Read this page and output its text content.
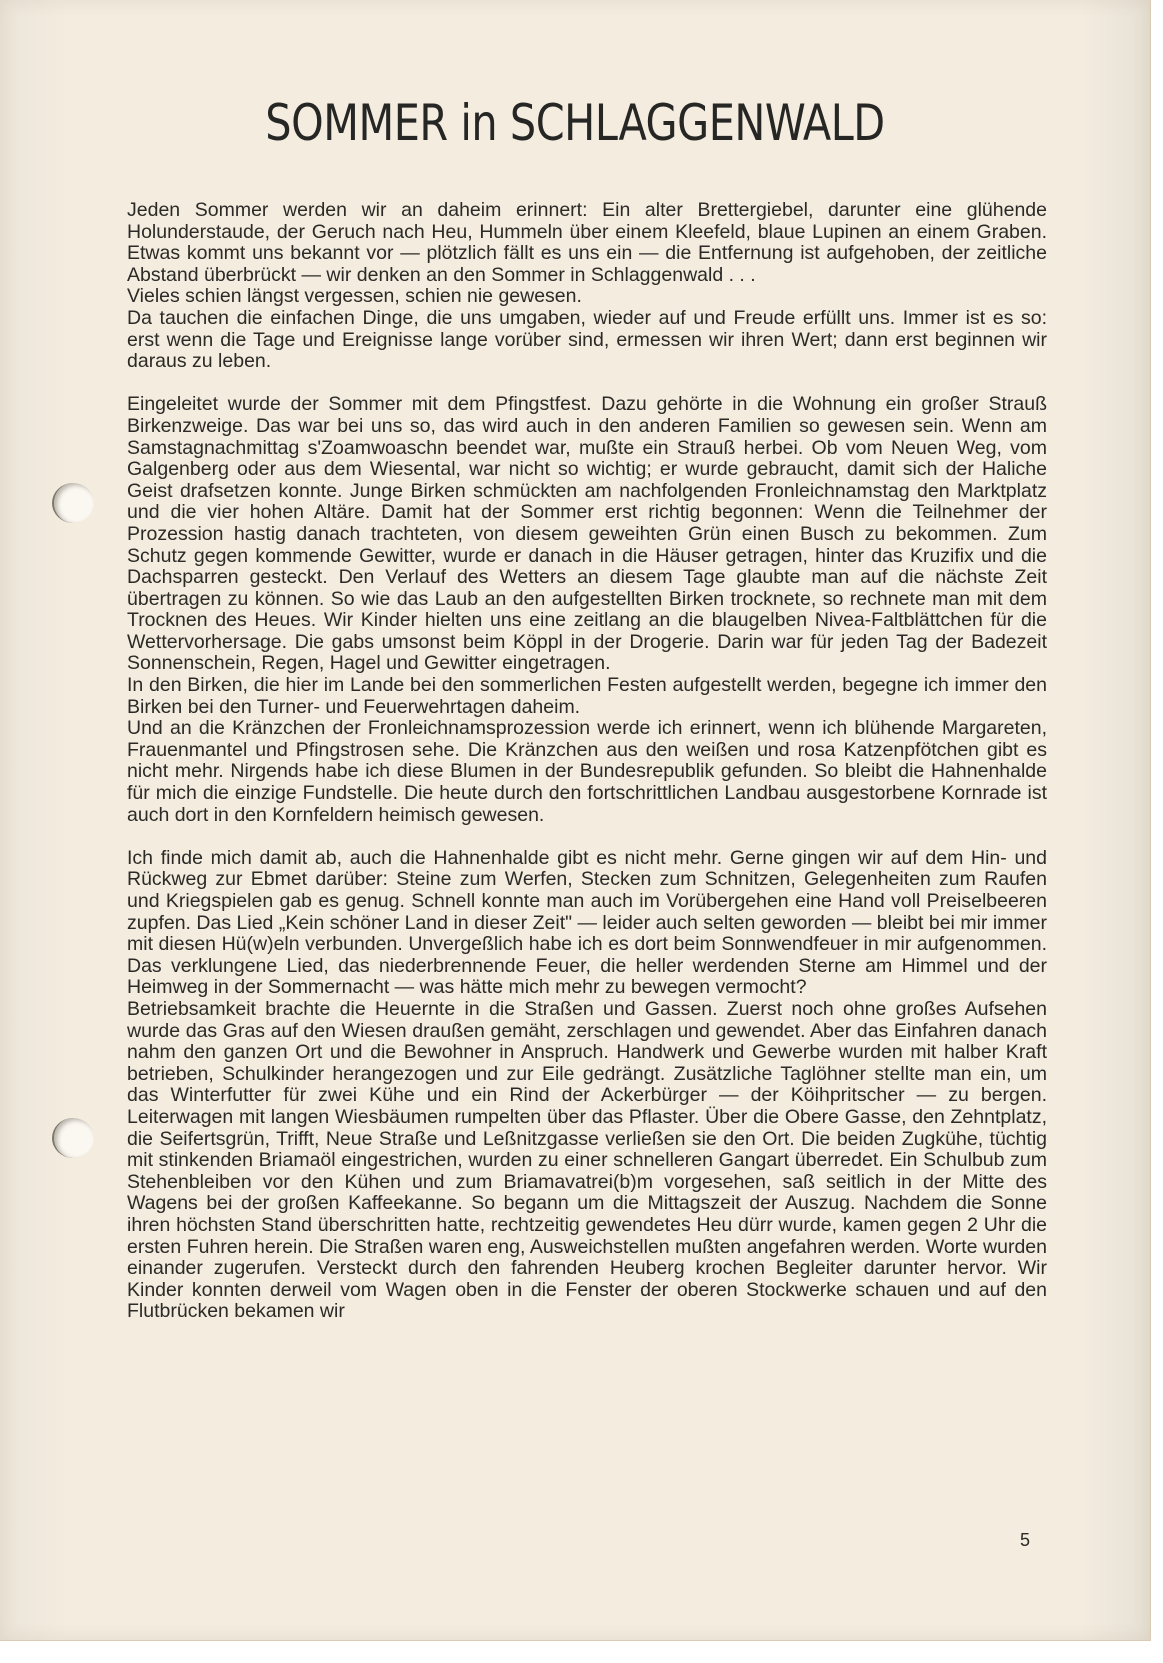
SOMMER in SCHLAGGENWALD

Jeden Sommer werden wir an daheim erinnert: Ein alter Brettergiebel, darunter eine glühende Holunderstaude, der Geruch nach Heu, Hummeln über einem Kleefeld, blaue Lupinen an einem Graben. Etwas kommt uns bekannt vor — plötzlich fällt es uns ein — die Entfernung ist aufgehoben, der zeitliche Abstand überbrückt — wir denken an den Sommer in Schlaggenwald . . .

Vieles schien längst vergessen, schien nie gewesen.

Da tauchen die einfachen Dinge, die uns umgaben, wieder auf und Freude erfüllt uns. Immer ist es so: erst wenn die Tage und Ereignisse lange vorüber sind, ermessen wir ihren Wert; dann erst beginnen wir daraus zu leben.

Eingeleitet wurde der Sommer mit dem Pfingstfest. Dazu gehörte in die Wohnung ein großer Strauß Birkenzweige. Das war bei uns so, das wird auch in den anderen Familien so gewesen sein. Wenn am Samstagnachmittag s'Zoamwoaschn beendet war, mußte ein Strauß herbei. Ob vom Neuen Weg, vom Galgenberg oder aus dem Wiesental, war nicht so wichtig; er wurde gebraucht, damit sich der Haliche Geist drafsetzen konnte. Junge Birken schmückten am nachfolgenden Fronleichnamstag den Marktplatz und die vier hohen Altäre. Damit hat der Sommer erst richtig begonnen: Wenn die Teilnehmer der Prozession hastig danach trachteten, von diesem geweihten Grün einen Busch zu bekommen. Zum Schutz gegen kommende Gewitter, wurde er danach in die Häuser getragen, hinter das Kruzifix und die Dachsparren gesteckt. Den Verlauf des Wetters an diesem Tage glaubte man auf die nächste Zeit übertragen zu können. So wie das Laub an den aufgestellten Birken trocknete, so rechnete man mit dem Trocknen des Heues. Wir Kinder hielten uns eine zeitlang an die blaugelben Nivea-Faltblättchen für die Wettervorhersage. Die gabs umsonst beim Köppl in der Drogerie. Darin war für jeden Tag der Badezeit Sonnenschein, Regen, Hagel und Gewitter eingetragen.

In den Birken, die hier im Lande bei den sommerlichen Festen aufgestellt werden, begegne ich immer den Birken bei den Turner- und Feuerwehrtagen daheim.

Und an die Kränzchen der Fronleichnamsprozession werde ich erinnert, wenn ich blühende Margareten, Frauenmantel und Pfingstrosen sehe. Die Kränzchen aus den weißen und rosa Katzenpfötchen gibt es nicht mehr. Nirgends habe ich diese Blumen in der Bundesrepublik gefunden. So bleibt die Hahnenhalde für mich die einzige Fundstelle. Die heute durch den fortschrittlichen Landbau ausgestorbene Kornrade ist auch dort in den Kornfeldern heimisch gewesen.

Ich finde mich damit ab, auch die Hahnenhalde gibt es nicht mehr. Gerne gingen wir auf dem Hin- und Rückweg zur Ebmet darüber: Steine zum Werfen, Stecken zum Schnitzen, Gelegenheiten zum Raufen und Kriegspielen gab es genug. Schnell konnte man auch im Vorübergehen eine Hand voll Preiselbeeren zupfen. Das Lied „Kein schöner Land in dieser Zeit" — leider auch selten geworden — bleibt bei mir immer mit diesen Hü(w)eln verbunden. Unvergeßlich habe ich es dort beim Sonnwendfeuer in mir aufgenommen. Das verklungene Lied, das niederbrennende Feuer, die heller werdenden Sterne am Himmel und der Heimweg in der Sommernacht — was hätte mich mehr zu bewegen vermocht?

Betriebsamkeit brachte die Heuernte in die Straßen und Gassen. Zuerst noch ohne großes Aufsehen wurde das Gras auf den Wiesen draußen gemäht, zerschlagen und gewendet. Aber das Einfahren danach nahm den ganzen Ort und die Bewohner in Anspruch. Handwerk und Gewerbe wurden mit halber Kraft betrieben, Schulkinder herangezogen und zur Eile gedrängt. Zusätzliche Taglöhner stellte man ein, um das Winterfutter für zwei Kühe und ein Rind der Ackerbürger — der Köihpritscher — zu bergen. Leiterwagen mit langen Wiesbäumen rumpelten über das Pflaster. Über die Obere Gasse, den Zehntplatz, die Seifertsgrün, Trifft, Neue Straße und Leßnitzgasse verließen sie den Ort. Die beiden Zugkühe, tüchtig mit stinkenden Briamaöl eingestrichen, wurden zu einer schnelleren Gangart überredet. Ein Schulbub zum Stehenbleiben vor den Kühen und zum Briamavatrei(b)m vorgesehen, saß seitlich in der Mitte des Wagens bei der großen Kaffeekanne. So begann um die Mittagszeit der Auszug. Nachdem die Sonne ihren höchsten Stand überschritten hatte, rechtzeitig gewendetes Heu dürr wurde, kamen gegen 2 Uhr die ersten Fuhren herein. Die Straßen waren eng, Ausweichstellen mußten angefahren werden. Worte wurden einander zugerufen. Versteckt durch den fahrenden Heuberg krochen Begleiter darunter hervor. Wir Kinder konnten derweil vom Wagen oben in die Fenster der oberen Stockwerke schauen und auf den Flutbrücken bekamen wir

5
